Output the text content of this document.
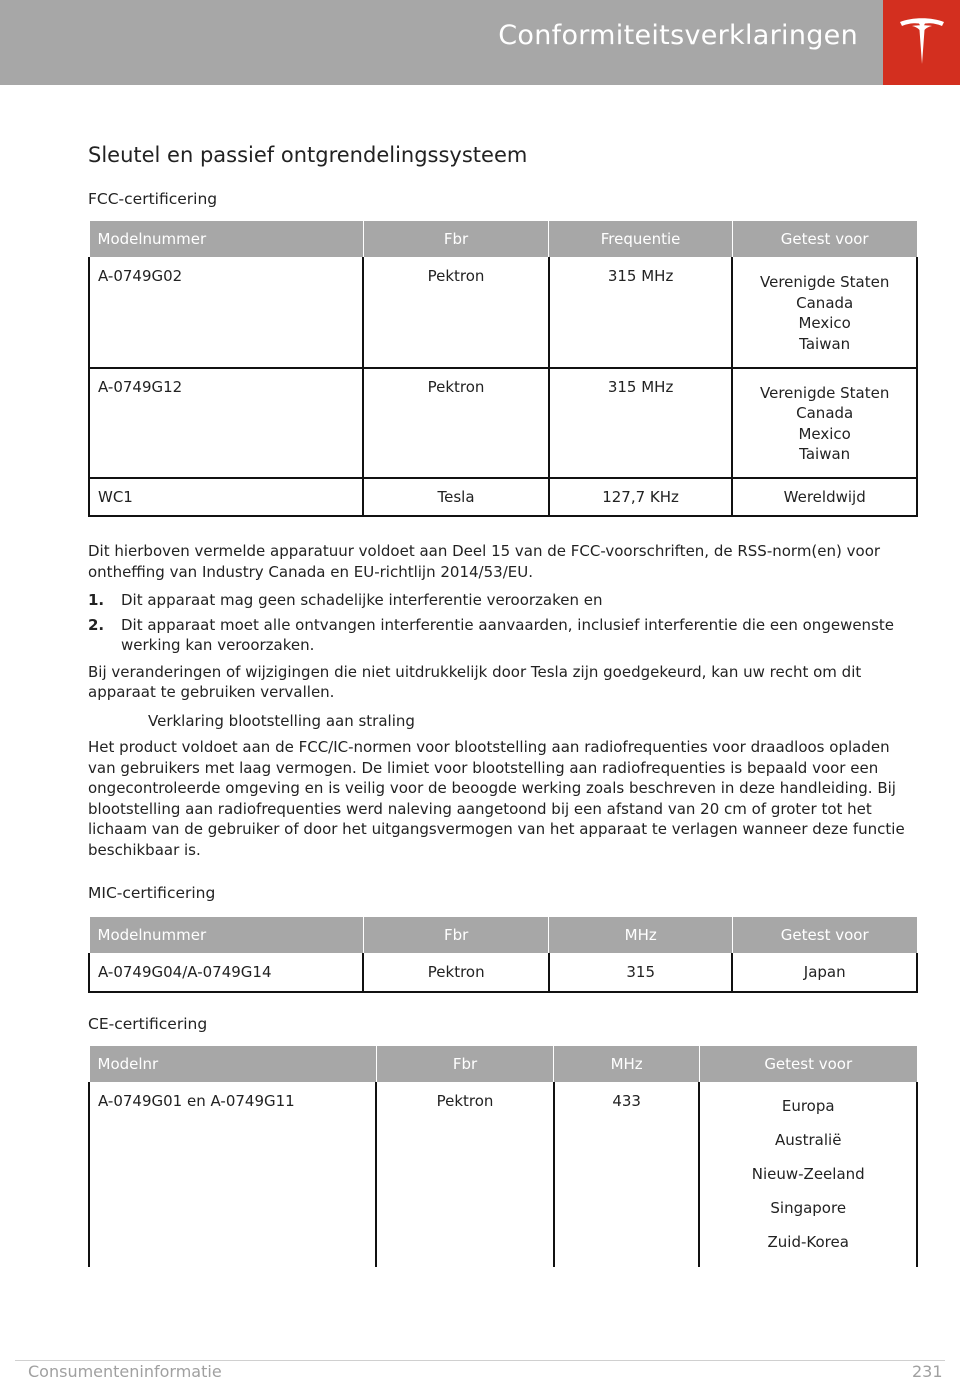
Conformiteitsverklaringen
Sleutel en passief ontgrendelingssysteem
FCC-certificering
Modelnummer	Fbr	Frequentie	Getest voor
A-0749G02	Pektron	315 MHz	Verenigde Staten
Canada
Mexico
Taiwan

A-0749G12	Pektron	315 MHz	Verenigde Staten
Canada
Mexico
Taiwan

WC1	Tesla	127,7 KHz	Wereldwijd

Dit hierboven vermelde apparatuur voldoet aan Deel 15 van de FCC-voorschriften, de RSS-norm(en) voor ontheffing van Industry Canada en EU-richtlijn 2014/53/EU.

1.	Dit apparaat mag geen schadelijke interferentie veroorzaken en
2.	Dit apparaat moet alle ontvangen interferentie aanvaarden, inclusief interferentie die een ongewenste werking kan veroorzaken.

Bij veranderingen of wijzigingen die niet uitdrukkelijk door Tesla zijn goedgekeurd, kan uw recht om dit apparaat te gebruiken vervallen.

Verklaring blootstelling aan straling

Het product voldoet aan de FCC/IC-normen voor blootstelling aan radiofrequenties voor draadloos opladen van gebruikers met laag vermogen. De limiet voor blootstelling aan radiofrequenties is bepaald voor een ongecontroleerde omgeving en is veilig voor de beoogde werking zoals beschreven in deze handleiding. Bij blootstelling aan radiofrequenties werd naleving aangetoond bij een afstand van 20 cm of groter tot het lichaam van de gebruiker of door het uitgangsvermogen van het apparaat te verlagen wanneer deze functie beschikbaar is.

MIC-certificering
Modelnummer	Fbr	MHz	Getest voor
A-0749G04/A-0749G14	Pektron	315	Japan
CE-certificering
Modelnr	Fbr	MHz	Getest voor
A-0749G01 en A-0749G11	Pektron	433	Europa
Australië
Nieuw-Zeeland
Singapore
Zuid-Korea
Consumenteninformatie	231
